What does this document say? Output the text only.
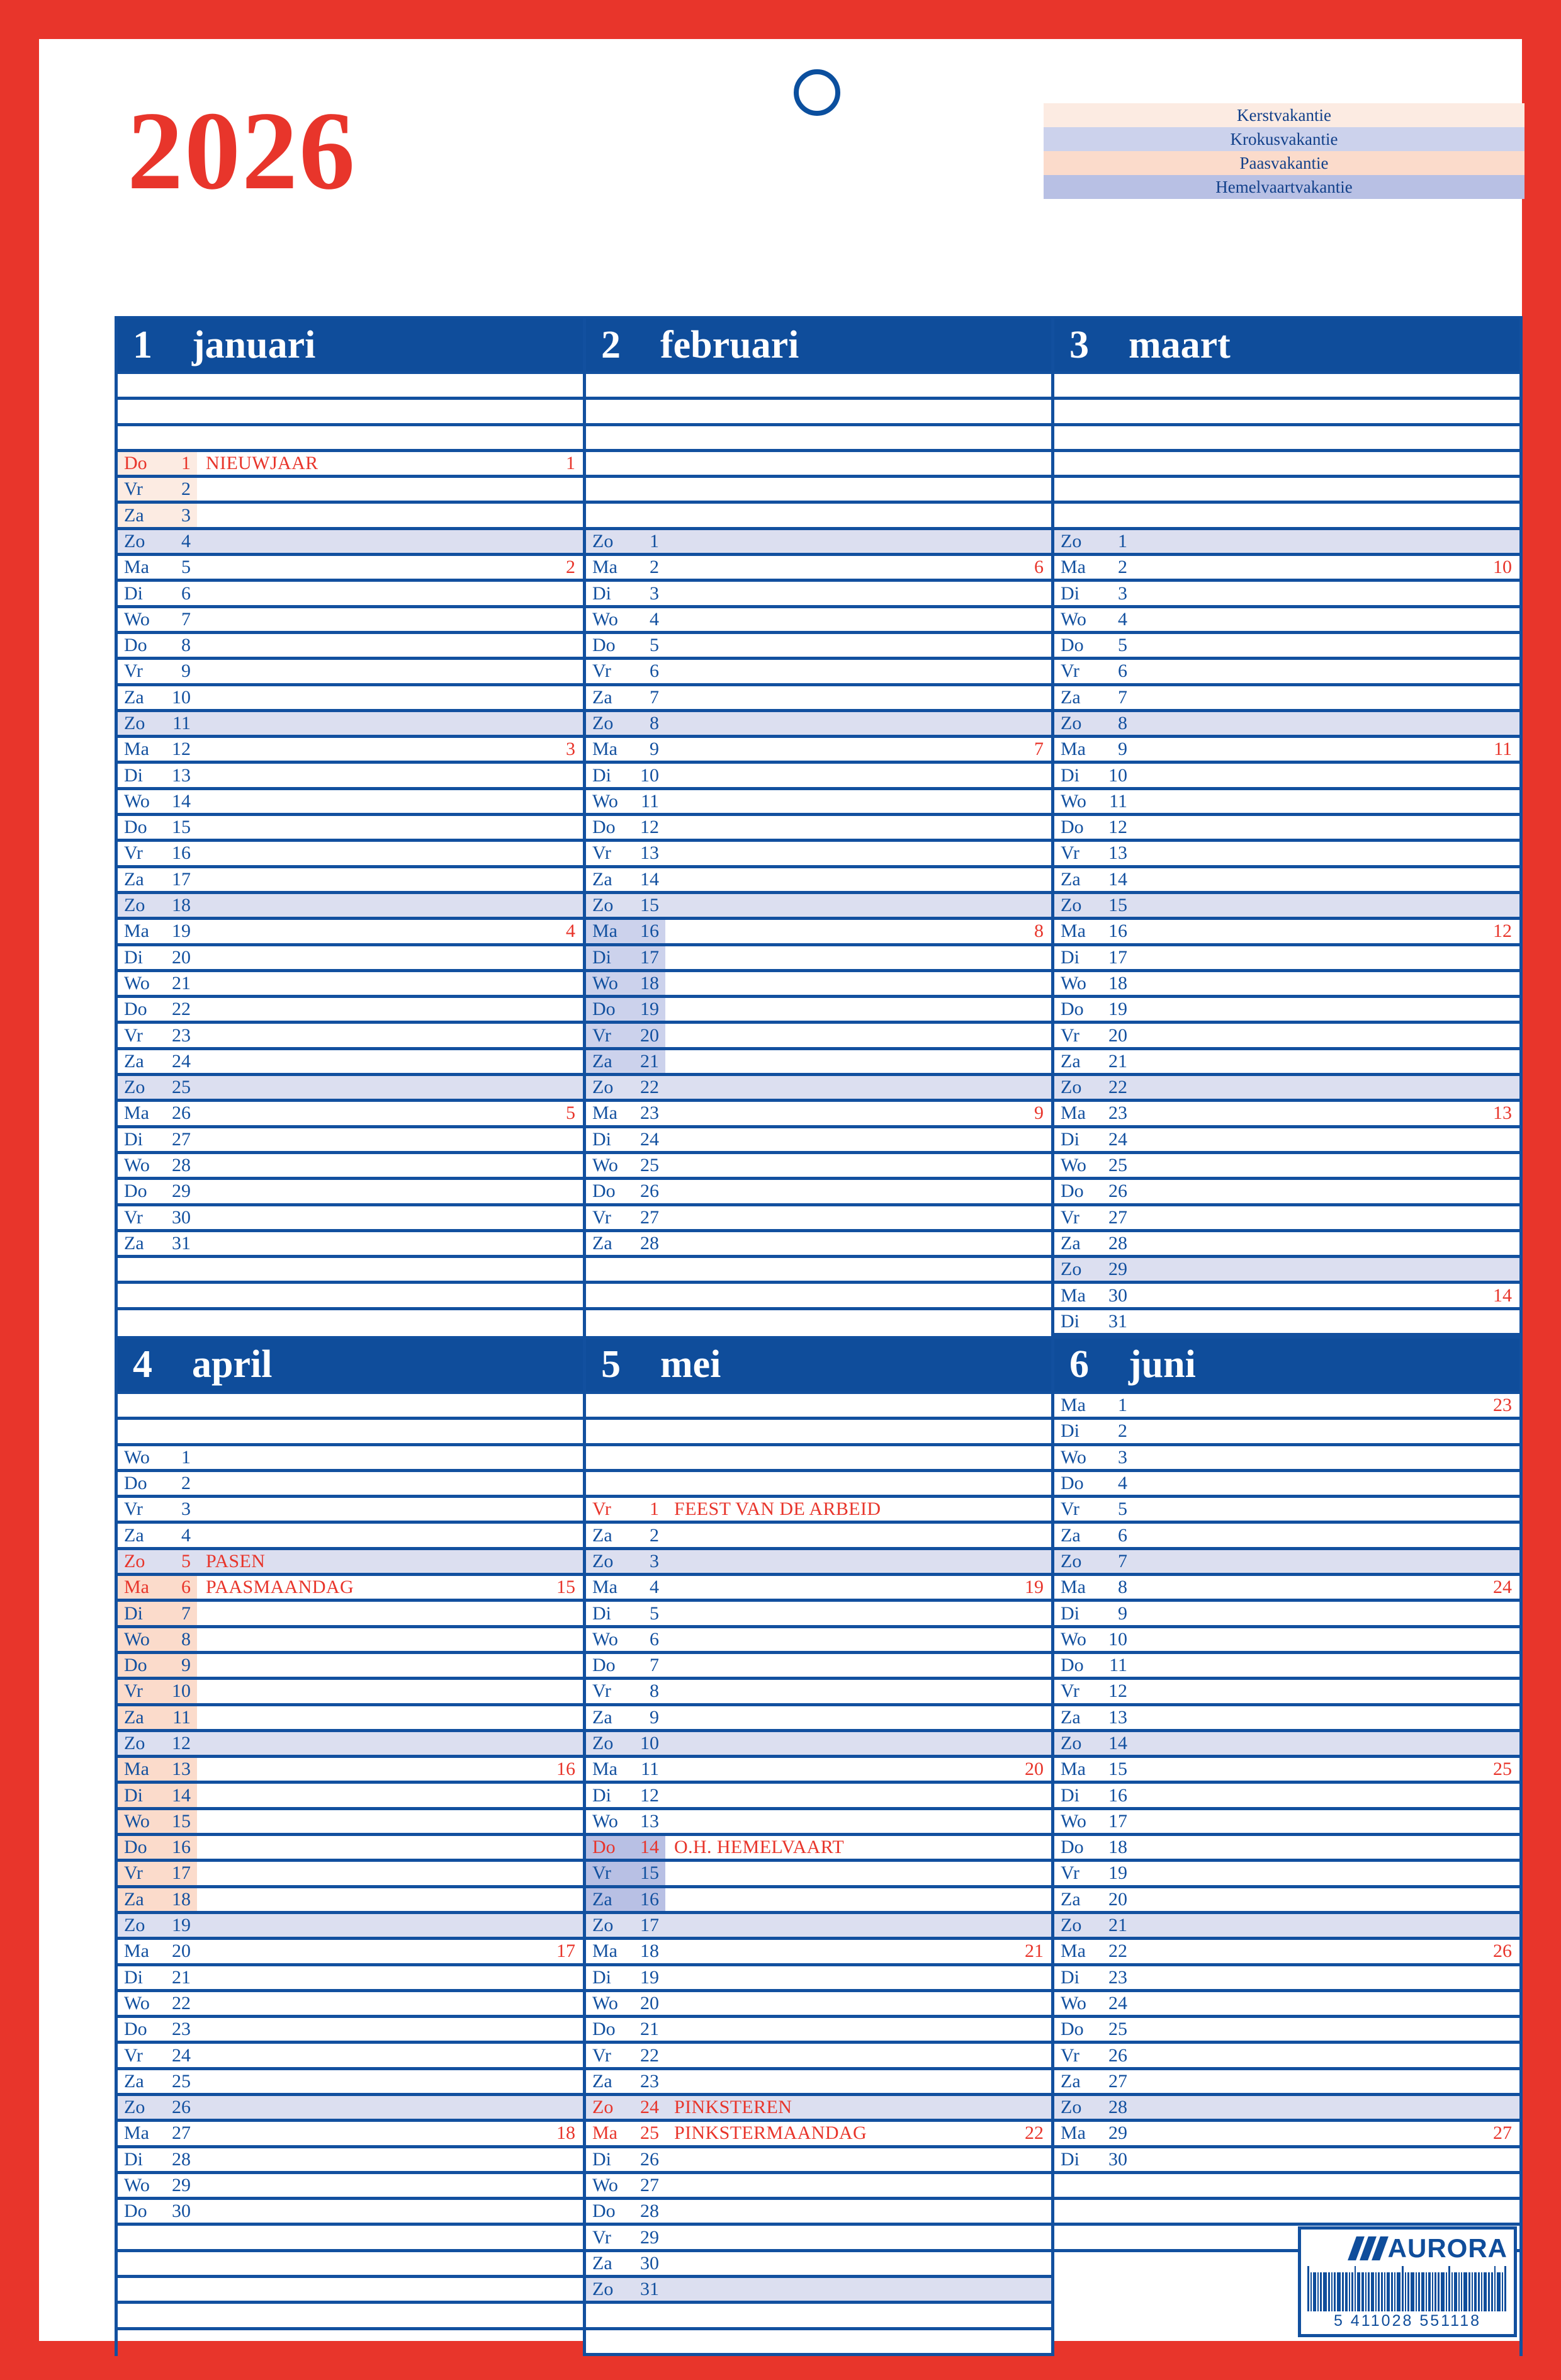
2026	Kerstvakantie
Krokusvakantie
Paasvakantie
Hemelvaartvakantie
1	januari
Do	1 NIEUWJAAR	1
Vr	2
Za	3
Zo	4
Ma	5	2
Di	6
Wo	7
Do	8
Vr	9
Za	10
Zo	11
Ma	12	3
Di	13
Wo	14
Do	15
Vr	16
Za	17
Zo	18
Ma	19	4
Di	20
Wo	21
Do	22
Vr	23
Za	24
Zo	25
Ma	26	5
Di	27
Wo	28
Do	29
Vr	30
Za	31
2	februari
Zo	1
Ma	2	6
Di	3
Wo	4
Do	5
Vr	6
Za	7
Zo	8
Ma	9	7
Di	10
Wo	11
Do	12
Vr	13
Za	14
Zo	15
Ma	16	8
Di	17
Wo	18
Do	19
Vr	20
Za	21
Zo	22
Ma	23	9
Di	24
Wo	25
Do	26
Vr	27
Za	28
3	maart
Zo	1
Ma	2	10
Di	3
Wo	4
Do	5
Vr	6
Za	7
Zo	8
Ma	9	11
Di	10
Wo	11
Do	12
Vr	13
Za	14
Zo	15
Ma	16	12
Di	17
Wo	18
Do	19
Vr	20
Za	21
Zo	22
Ma	23	13
Di	24
Wo	25
Do	26
Vr	27
Za	28
Zo	29
Ma	30	14
Di	31
4	april
Wo	1
Do	2
Vr	3
Za	4
Zo	5 PASEN
Ma	6 PAASMAANDAG	15
Di	7
Wo	8
Do	9
Vr	10
Za	11
Zo	12
Ma	13	16
Di	14
Wo	15
Do	16
Vr	17
Za	18
Zo	19
Ma	20	17
Di	21
Wo	22
Do	23
Vr	24
Za	25
Zo	26
Ma	27	18
Di	28
Wo	29
Do	30
5	mei
Vr	1 FEEST VAN DE ARBEID
Za	2
Zo	3
Ma	4	19
Di	5
Wo	6
Do	7
Vr	8
Za	9
Zo	10
Ma	11	20
Di	12
Wo	13
Do	14 O.H. HEMELVAART
Vr	15
Za	16
Zo	17
Ma	18	21
Di	19
Wo	20
Do	21
Vr	22
Za	23
Zo	24 PINKSTEREN
Ma	25 PINKSTERMAANDAG	22
Di	26
Wo	27
Do	28
Vr	29
Za	30
Zo	31
6	juni
Ma	1	23
Di	2
Wo	3
Do	4
Vr	5
Za	6
Zo	7
Ma	8	24
Di	9
Wo	10
Do	11
Vr	12
Za	13
Zo	14
Ma	15	25
Di	16
Wo	17
Do	18
Vr	19
Za	20
Zo	21
Ma	22	26
Di	23
Wo	24
Do	25
Vr	26
Za	27
Zo	28
Ma	29	27
Di	30
AURORA
5 411028 551118
